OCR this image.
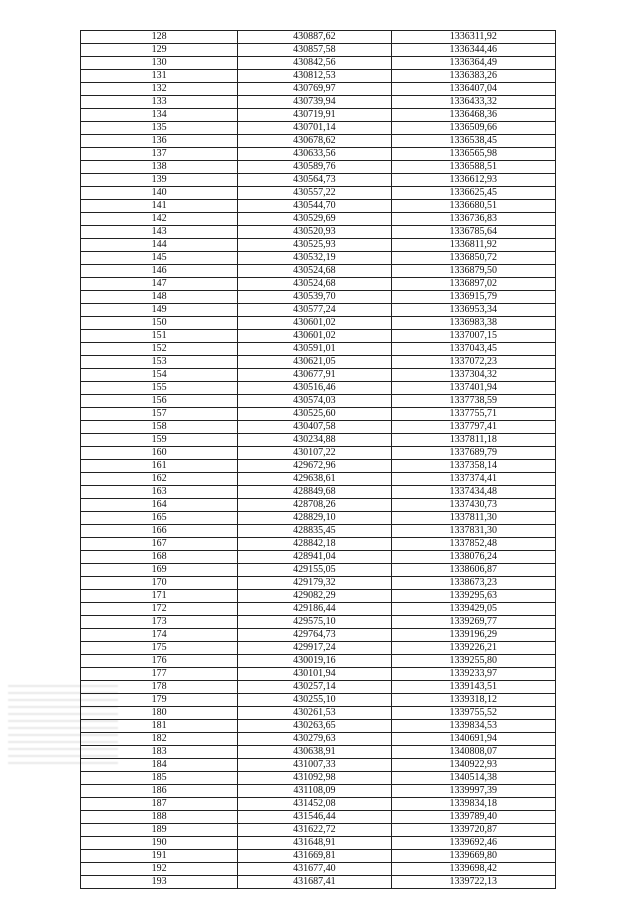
128	430887,62	1336311,92
129	430857,58	1336344,46
130	430842,56	1336364,49
131	430812,53	1336383,26
132	430769,97	1336407,04
133	430739,94	1336433,32
134	430719,91	1336468,36
135	430701,14	1336509,66
136	430678,62	1336538,45
137	430633,56	1336565,98
138	430589,76	1336588,51
139	430564,73	1336612,93
140	430557,22	1336625,45
141	430544,70	1336680,51
142	430529,69	1336736,83
143	430520,93	1336785,64
144	430525,93	1336811,92
145	430532,19	1336850,72
146	430524,68	1336879,50
147	430524,68	1336897,02
148	430539,70	1336915,79
149	430577,24	1336953,34
150	430601,02	1336983,38
151	430601,02	1337007,15
152	430591,01	1337043,45
153	430621,05	1337072,23
154	430677,91	1337304,32
155	430516,46	1337401,94
156	430574,03	1337738,59
157	430525,60	1337755,71
158	430407,58	1337797,41
159	430234,88	1337811,18
160	430107,22	1337689,79
161	429672,96	1337358,14
162	429638,61	1337374,41
163	428849,68	1337434,48
164	428708,26	1337430,73
165	428829,10	1337811,30
166	428835,45	1337831,30
167	428842,18	1337852,48
168	428941,04	1338076,24
169	429155,05	1338606,87
170	429179,32	1338673,23
171	429082,29	1339295,63
172	429186,44	1339429,05
173	429575,10	1339269,77
174	429764,73	1339196,29
175	429917,24	1339226,21
176	430019,16	1339255,80
177	430101,94	1339233,97
178	430257,14	1339143,51
179	430255,10	1339318,12
180	430261,53	1339755,52
181	430263,65	1339834,53
182	430279,63	1340691,94
183	430638,91	1340808,07
184	431007,33	1340922,93
185	431092,98	1340514,38
186	431108,09	1339997,39
187	431452,08	1339834,18
188	431546,44	1339789,40
189	431622,72	1339720,87
190	431648,91	1339692,46
191	431669,81	1339669,80
192	431677,40	1339698,42
193	431687,41	1339722,13
